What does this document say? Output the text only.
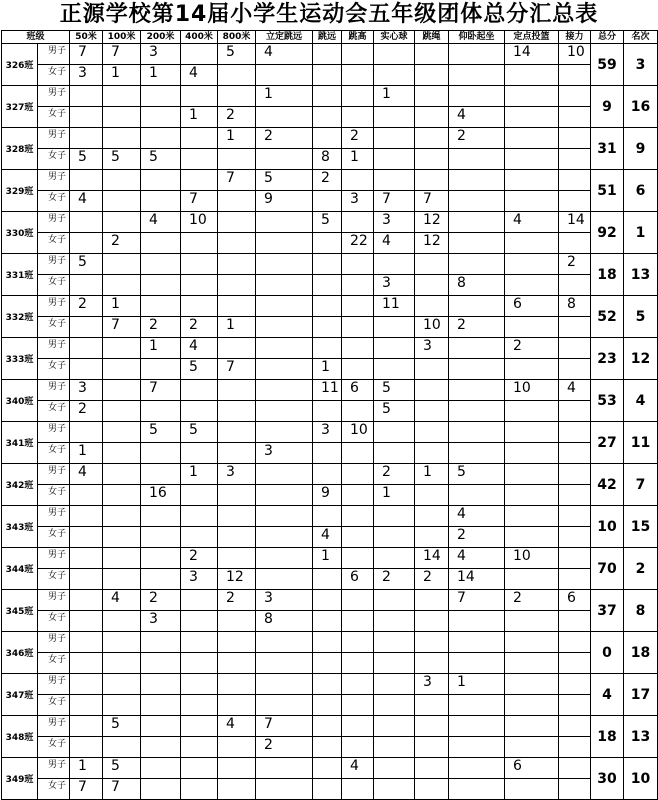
正源学校第14届小学生运动会五年级团体总分汇总表
班级		50米	100米	200米	400米	800米	立定跳远	跳远	跳高	实心球	跳绳	仰卧起坐	定点投篮	接力	总分	名次
326班	男子	7	7	3		5	4						14	10	59	3
	女子	3	1	1	4											
327班	男子						1			1					9	16
	女子				1	2						4				
328班	男子					1	2		2			2			31	9
	女子	5	5	5				8	1							
329班	男子					7	5	2							51	6
	女子	4			7		9		3	7	7					
330班	男子			4	10			5		3	12		4	14	92	1
	女子		2						22	4	12					
331班	男子	5												2	18	13
	女子									3		8				
332班	男子	2	1							11			6	8	52	5
	女子		7	2	2	1					10	2				
333班	男子			1	4						3		2		23	12
	女子				5	7		1								
340班	男子	3		7				11	6	5			10	4	53	4
	女子	2								5						
341班	男子			5	5			3	10						27	11
	女子	1					3									
342班	男子	4			1	3				2	1	5			42	7
	女子			16				9		1						
343班	男子											4			10	15
	女子							4				2				
344班	男子				2			1			14	4	10		70	2
	女子				3	12			6	2	2	14				
345班	男子		4	2		2	3					7	2	6	37	8
	女子			3			8									
346班	男子														0	18
	女子															
347班	男子										3	1			4	17
	女子															
348班	男子		5			4	7								18	13
	女子						2									
349班	男子	1	5						4				6		30	10
	女子	7	7													
